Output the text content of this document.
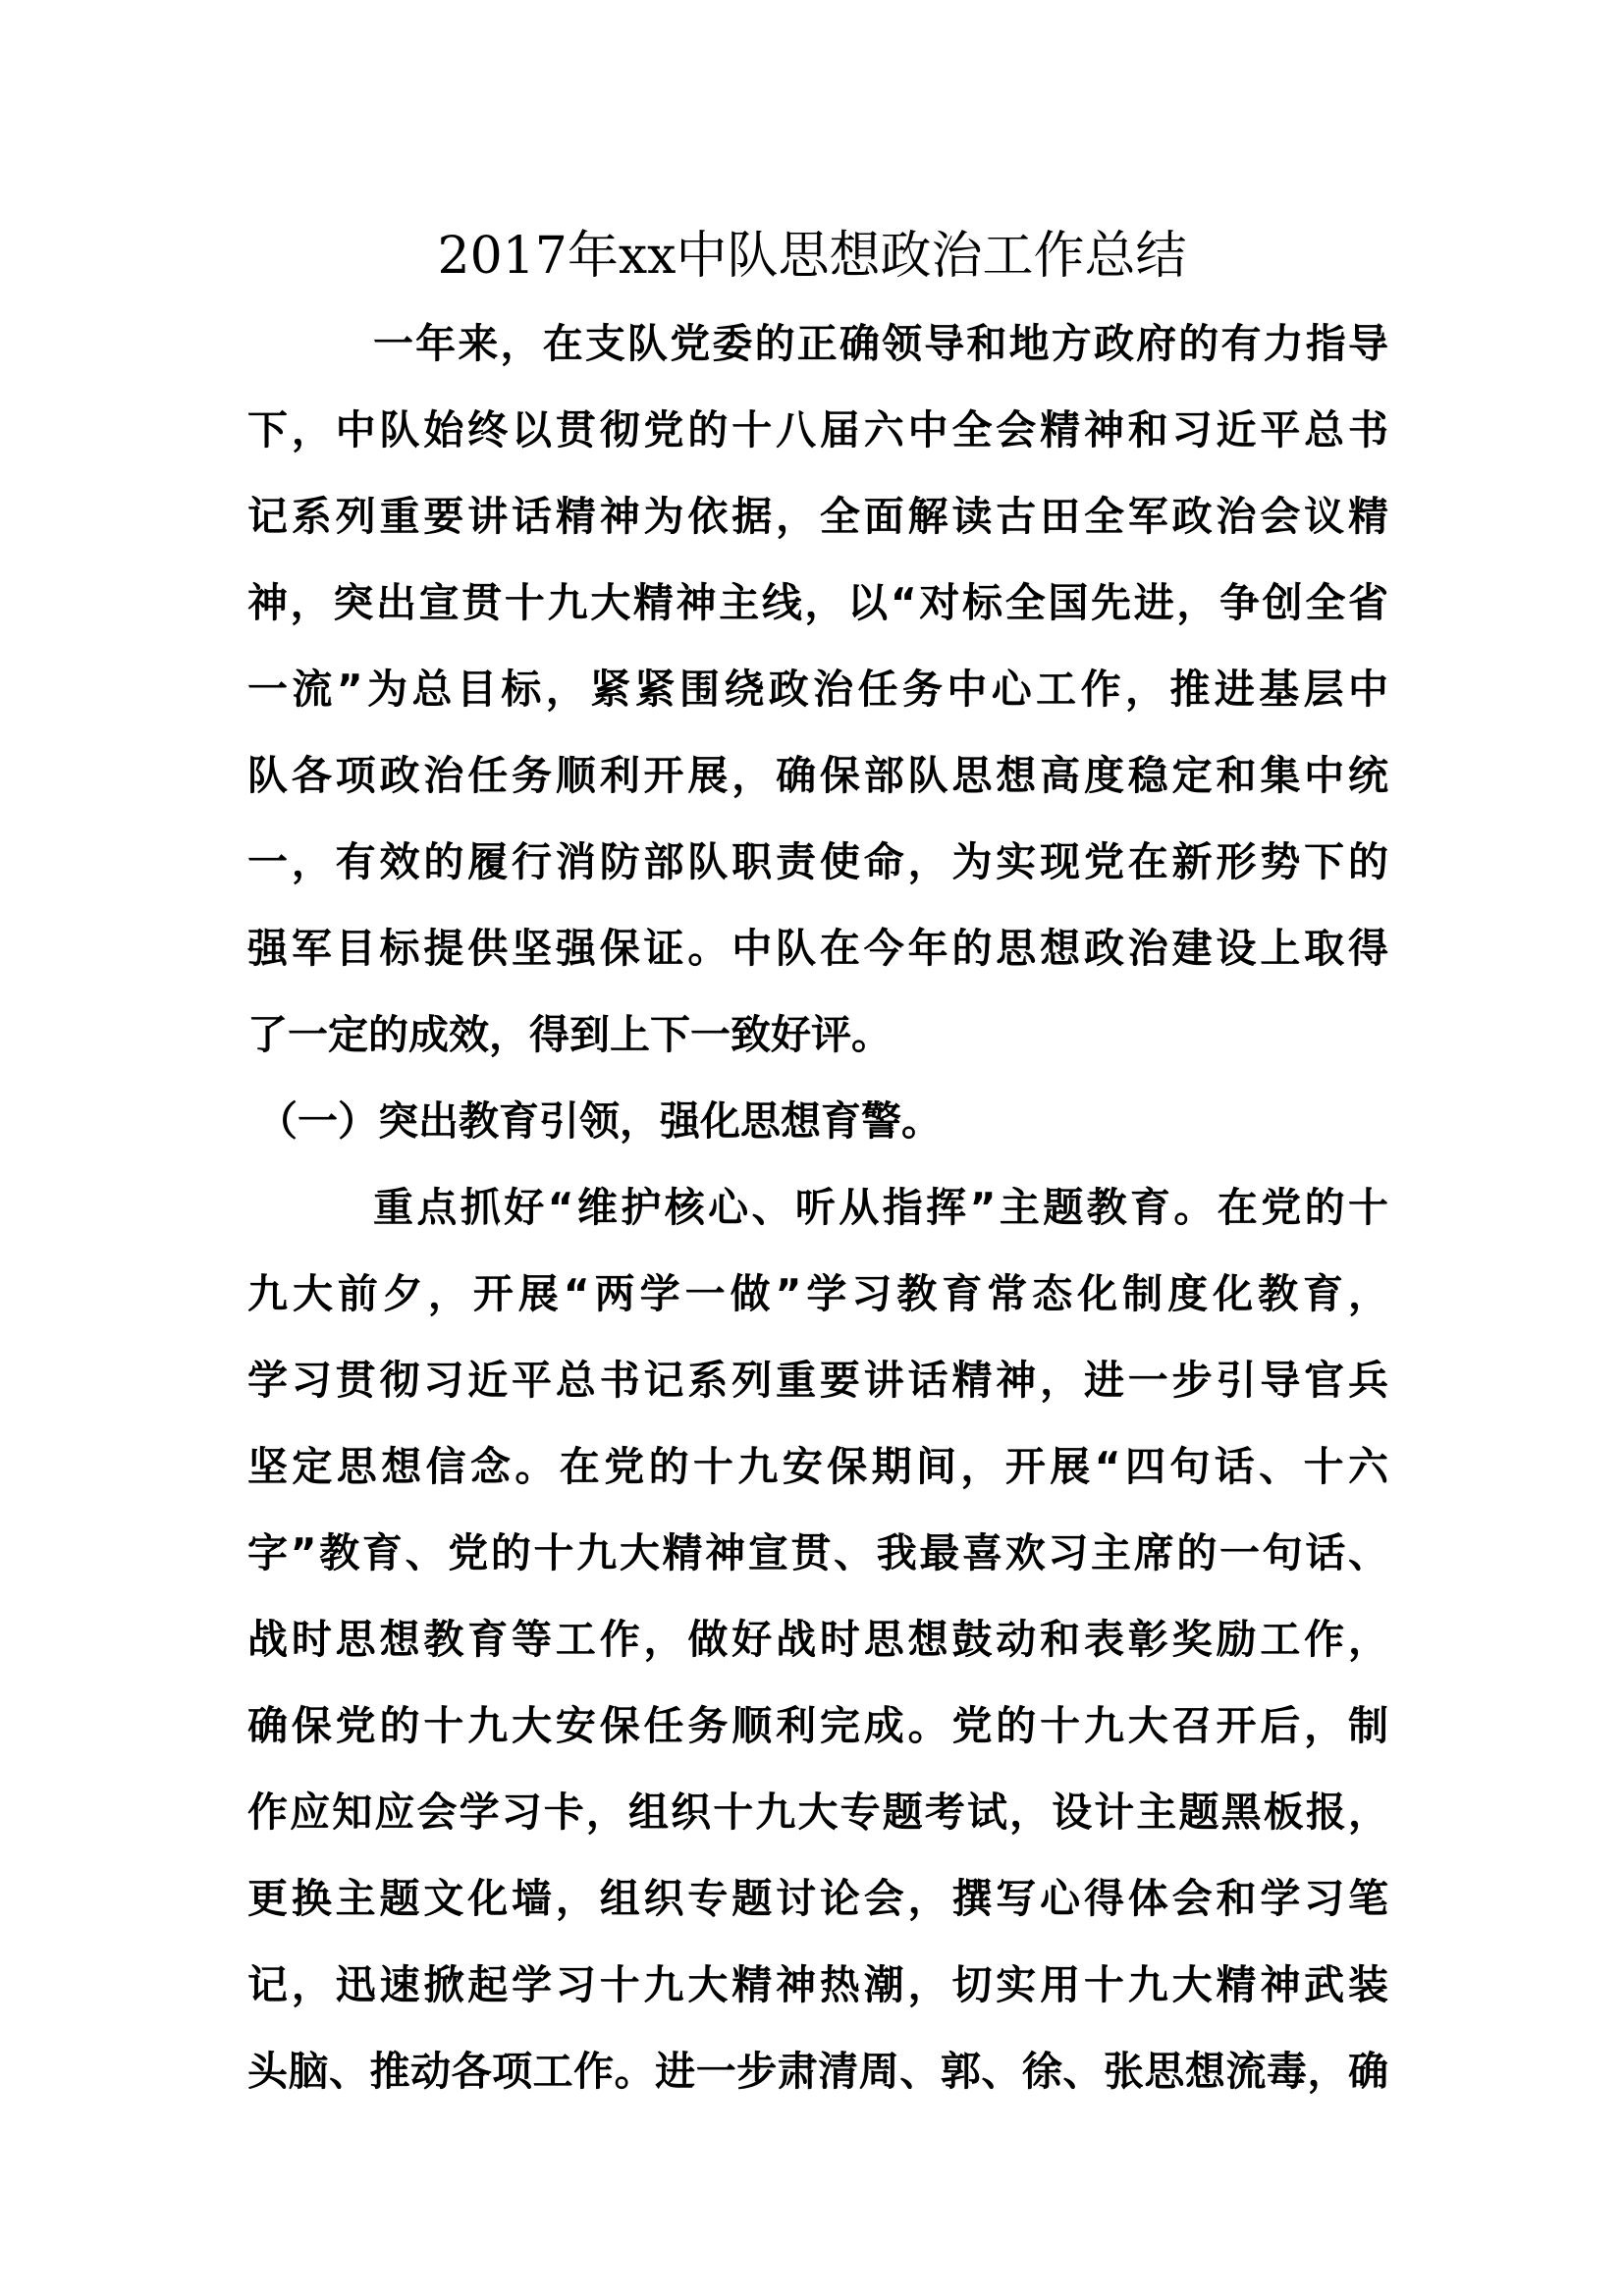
2017年xx中队思想政治工作总结
一年来，在支队党委的正确领导和地方政府的有力指导
下，中队始终以贯彻党的十八届六中全会精神和习近平总书
记系列重要讲话精神为依据，全面解读古田全军政治会议精
神，突出宣贯十九大精神主线，以“对标全国先进，争创全省
一流”为总目标，紧紧围绕政治任务中心工作，推进基层中
队各项政治任务顺利开展，确保部队思想高度稳定和集中统
一，有效的履行消防部队职责使命，为实现党在新形势下的
强军目标提供坚强保证。中队在今年的思想政治建设上取得
了一定的成效，得到上下一致好评。
（一）突出教育引领，强化思想育警。
重点抓好“维护核心、听从指挥”主题教育。在党的十
九大前夕，开展“两学一做”学习教育常态化制度化教育，
学习贯彻习近平总书记系列重要讲话精神，进一步引导官兵
坚定思想信念。在党的十九安保期间，开展“四句话、十六
字”教育、党的十九大精神宣贯、我最喜欢习主席的一句话、
战时思想教育等工作，做好战时思想鼓动和表彰奖励工作，
确保党的十九大安保任务顺利完成。党的十九大召开后，制
作应知应会学习卡，组织十九大专题考试，设计主题黑板报，
更换主题文化墙，组织专题讨论会，撰写心得体会和学习笔
记，迅速掀起学习十九大精神热潮，切实用十九大精神武装
头脑、推动各项工作。进一步肃清周、郭、徐、张思想流毒，确
